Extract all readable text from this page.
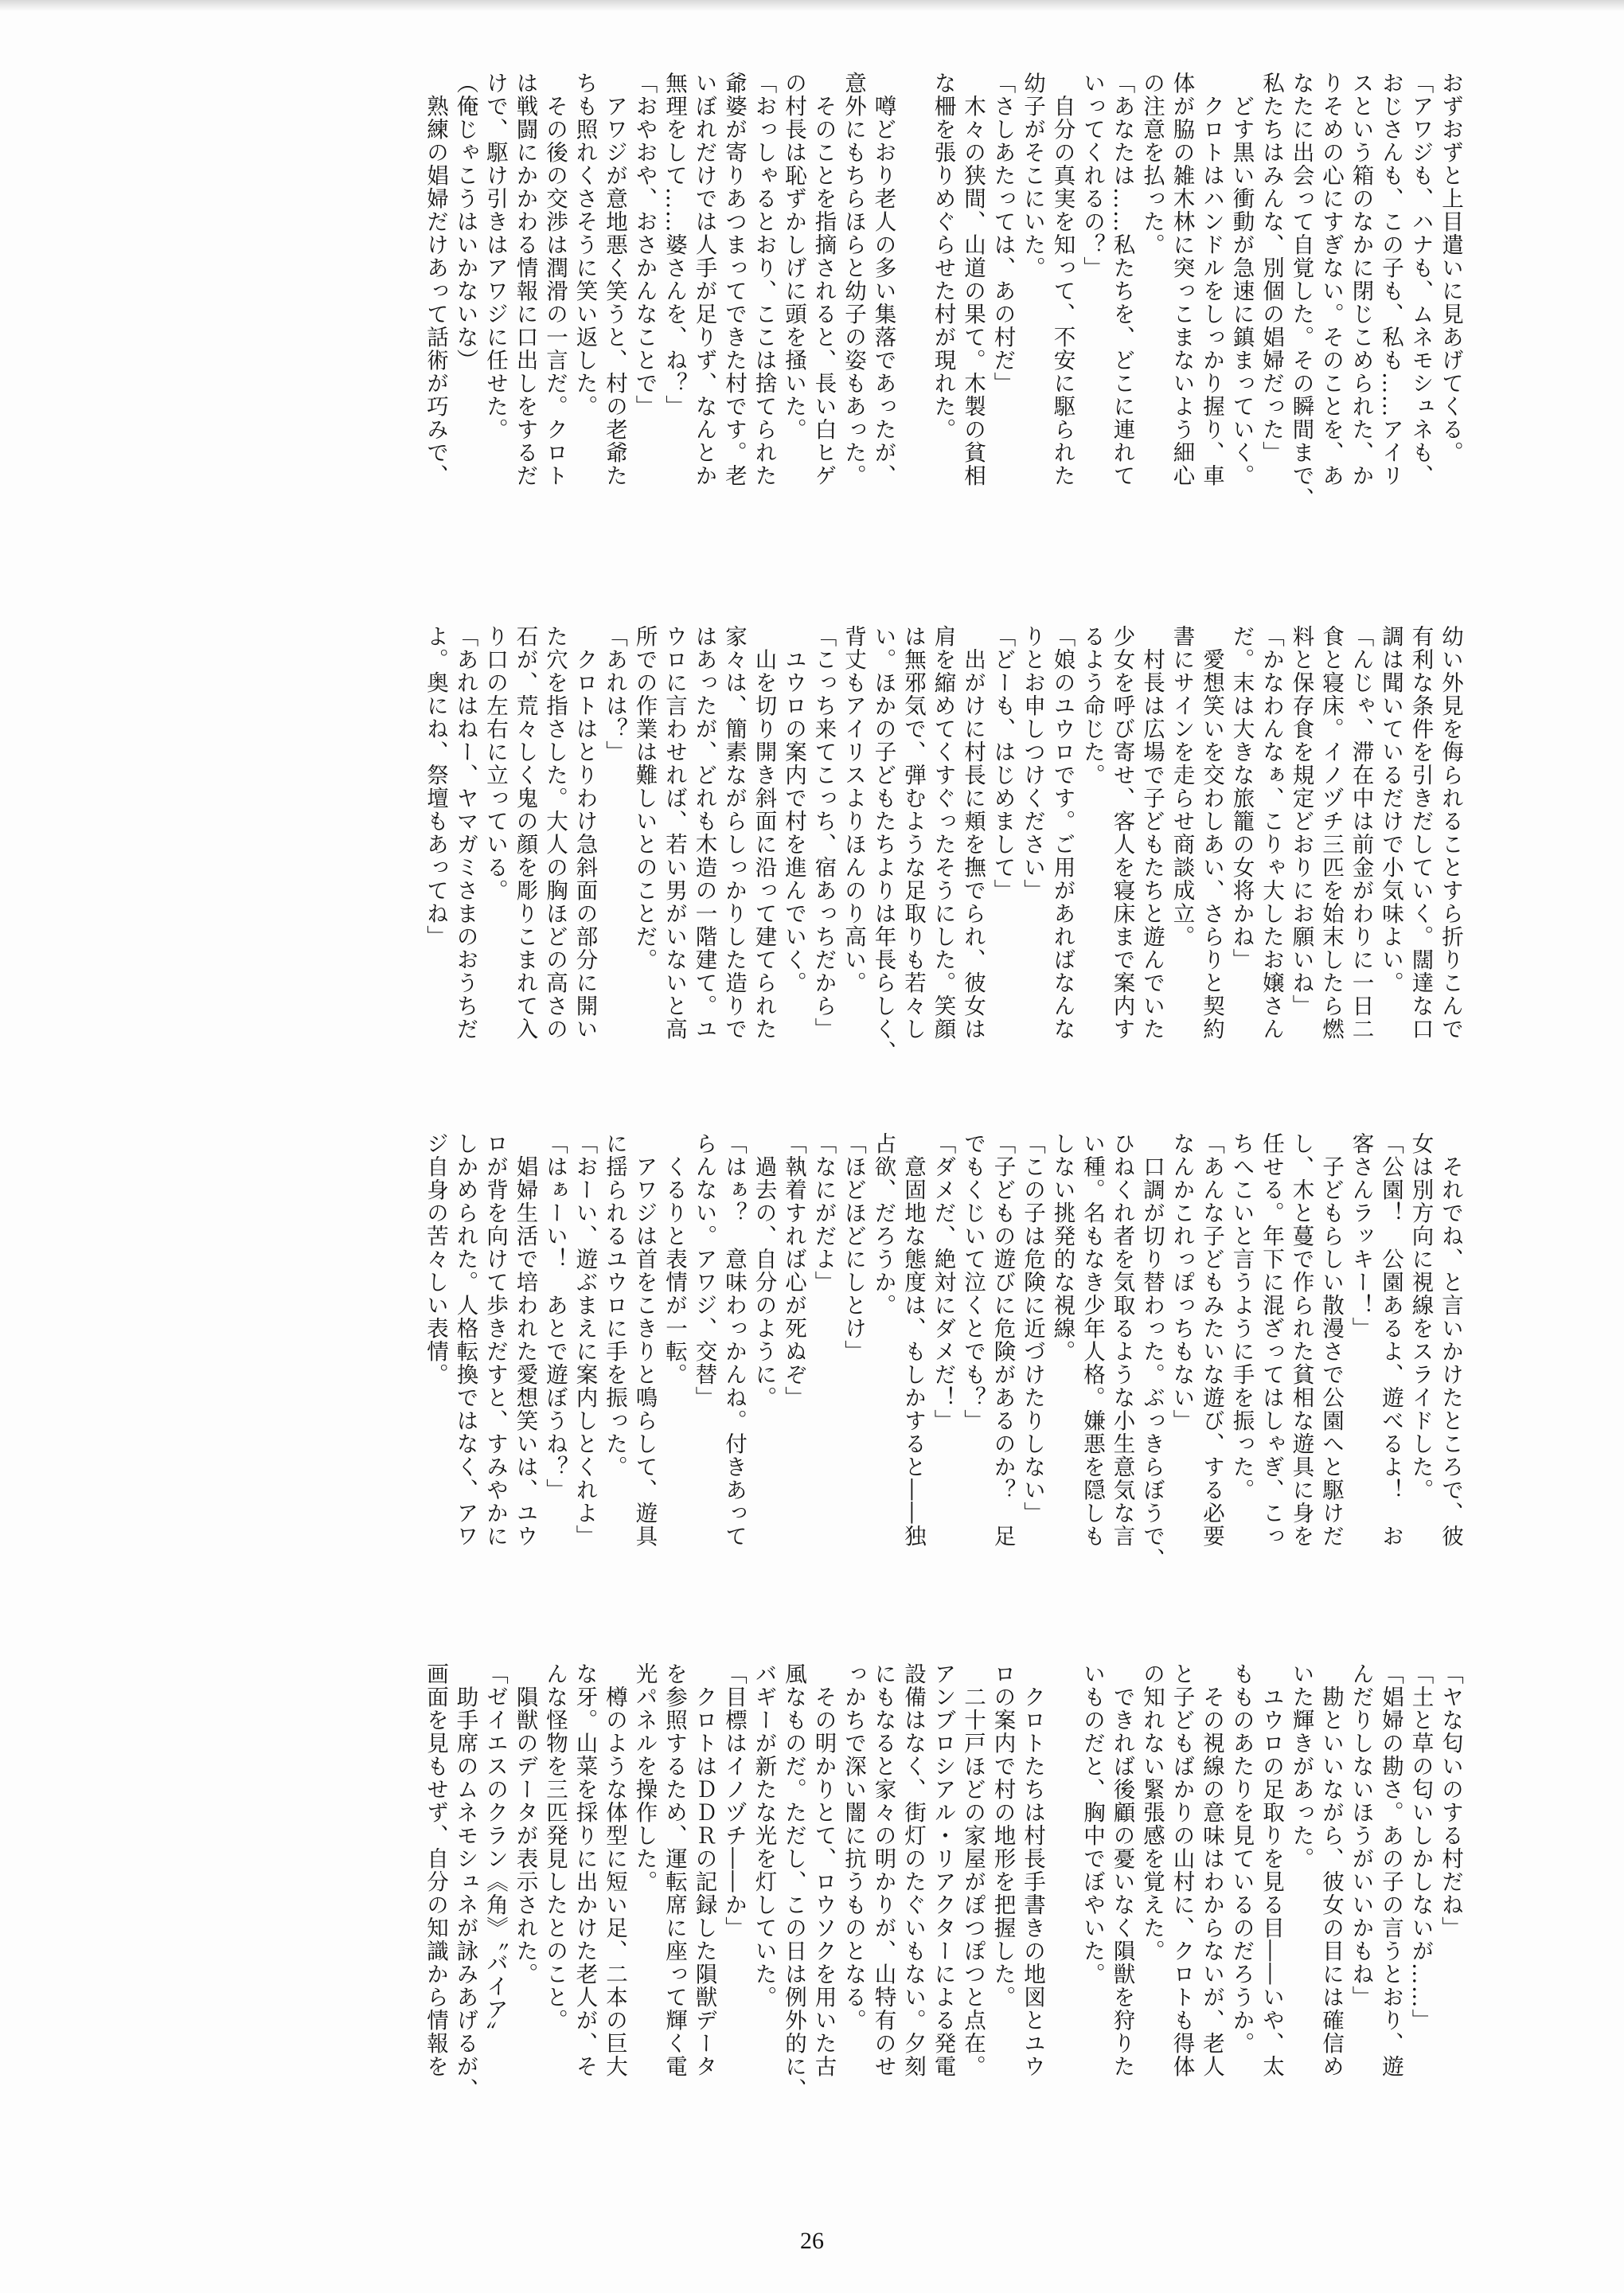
おずおずと上目遣いに見あげてくる。
「アワジも、ハナも、ムネモシュネも、
おじさんも、この子も、私も……アイリ
スという箱のなかに閉じこめられた、か
りそめの心にすぎない。そのことを、あ
なたに出会って自覚した。その瞬間まで、
私たちはみんな、別個の娼婦だった」
　どす黒い衝動が急速に鎮まっていく。
　クロトはハンドルをしっかり握り、車
体が脇の雑木林に突っこまないよう細心
の注意を払った。
「あなたは……私たちを、どこに連れて
いってくれるの？」
　自分の真実を知って、不安に駆られた
幼子がそこにいた。
「さしあたっては、あの村だ」
　木々の狭間、山道の果て。木製の貧相
な柵を張りめぐらせた村が現れた。

　噂どおり老人の多い集落であったが、
意外にもちらほらと幼子の姿もあった。
　そのことを指摘されると、長い白ヒゲ
の村長は恥ずかしげに頭を掻いた。
「おっしゃるとおり、ここは捨てられた
爺婆が寄りあつまってできた村です。老
いぼれだけでは人手が足りず、なんとか
無理をして……婆さんを、ね？」
「おやおや、おさかんなことで」
　アワジが意地悪く笑うと、村の老爺た
ちも照れくさそうに笑い返した。
　その後の交渉は潤滑の一言だ。クロト
は戦闘にかかわる情報に口出しをするだ
けで、駆け引きはアワジに任せた。
（俺じゃこうはいかないな）
　熟練の娼婦だけあって話術が巧みで、
幼い外見を侮られることすら折りこんで
有利な条件を引きだしていく。闊達な口
調は聞いているだけで小気味よい。
「んじゃ、滞在中は前金がわりに一日二
食と寝床。イノヅチ三匹を始末したら燃
料と保存食を規定どおりにお願いね」
「かなわんなぁ、こりゃ大したお嬢さん
だ。末は大きな旅籠の女将かね」
　愛想笑いを交わしあい、さらりと契約
書にサインを走らせ商談成立。
　村長は広場で子どもたちと遊んでいた
少女を呼び寄せ、客人を寝床まで案内す
るよう命じた。
「娘のユウロです。ご用があればなんな
りとお申しつけください」
「どーも、はじめまして」
　出がけに村長に頬を撫でられ、彼女は
肩を縮めてくすぐったそうにした。笑顔
は無邪気で、弾むような足取りも若々し
い。ほかの子どもたちよりは年長らしく、
背丈もアイリスよりほんのり高い。
「こっち来てこっち、宿あっちだから」
　ユウロの案内で村を進んでいく。
　山を切り開き斜面に沿って建てられた
家々は、簡素ながらしっかりした造りで
はあったが、どれも木造の一階建て。ユ
ウロに言わせれば、若い男がいないと高
所での作業は難しいとのことだ。
「あれは？」
　クロトはとりわけ急斜面の部分に開い
た穴を指さした。大人の胸ほどの高さの
石が、荒々しく鬼の顔を彫りこまれて入
り口の左右に立っている。
「あれはねー、ヤマガミさまのおうちだ
よ。奥にね、祭壇もあってね」
　それでね、と言いかけたところで、彼
女は別方向に視線をスライドした。
「公園！　公園あるよ、遊べるよ！　お
客さんラッキー！」
　子どもらしい散漫さで公園へと駆けだ
し、木と蔓で作られた貧相な遊具に身を
任せる。年下に混ざってはしゃぎ、こっ
ちへこいと言うように手を振った。
「あんな子どもみたいな遊び、する必要
なんかこれっぽっちもない」
　口調が切り替わった。ぶっきらぼうで、
ひねくれ者を気取るような小生意気な言
い種。名もなき少年人格。嫌悪を隠しも
しない挑発的な視線。
「この子は危険に近づけたりしない」
「子どもの遊びに危険があるのか？　足
でもくじいて泣くとでも？」
「ダメだ、絶対にダメだ！」
　意固地な態度は、もしかすると――独
占欲、だろうか。
「ほどほどにしとけ」
「なにがだよ」
「執着すれば心が死ぬぞ」
　過去の、自分のように。
「はぁ？　意味わっかんね。付きあって
らんない。アワジ、交替」
　くるりと表情が一転。
　アワジは首をこきりと鳴らして、遊具
に揺られるユウロに手を振った。
「おーい、遊ぶまえに案内しとくれよ」
「はぁーい！　あとで遊ぼうね？」
　娼婦生活で培われた愛想笑いは、ユウ
ロが背を向けて歩きだすと、すみやかに
しかめられた。人格転換ではなく、アワ
ジ自身の苦々しい表情。
「ヤな匂いのする村だね」
「土と草の匂いしかしないが……」
「娼婦の勘さ。あの子の言うとおり、遊
んだりしないほうがいいかもね」
　勘といいながら、彼女の目には確信め
いた輝きがあった。
　ユウロの足取りを見る目――いや、太
もものあたりを見ているのだろうか。
　その視線の意味はわからないが、老人
と子どもばかりの山村に、クロトも得体
の知れない緊張感を覚えた。
　できれば後顧の憂いなく隕獣を狩りた
いものだと、胸中でぼやいた。

　クロトたちは村長手書きの地図とユウ
ロの案内で村の地形を把握した。
　二十戸ほどの家屋がぽつぽつと点在。
アンブロシアル・リアクターによる発電
設備はなく、街灯のたぐいもない。夕刻
にもなると家々の明かりが、山特有のせ
っかちで深い闇に抗うものとなる。
　その明かりとて、ロウソクを用いた古
風なものだ。ただし、この日は例外的に、
バギーが新たな光を灯していた。
「目標はイノヅチ――か」
　クロトはＤＤＲの記録した隕獣データ
を参照するため、運転席に座って輝く電
光パネルを操作した。
　樽のような体型に短い足、二本の巨大
な牙。山菜を採りに出かけた老人が、そ
んな怪物を三匹発見したとのこと。
　隕獣のデータが表示された。
「ゼイエスのクラン《角》〝バイア〟
　助手席のムネモシュネが詠みあげるが、
画面を見もせず、自分の知識から情報を
26
